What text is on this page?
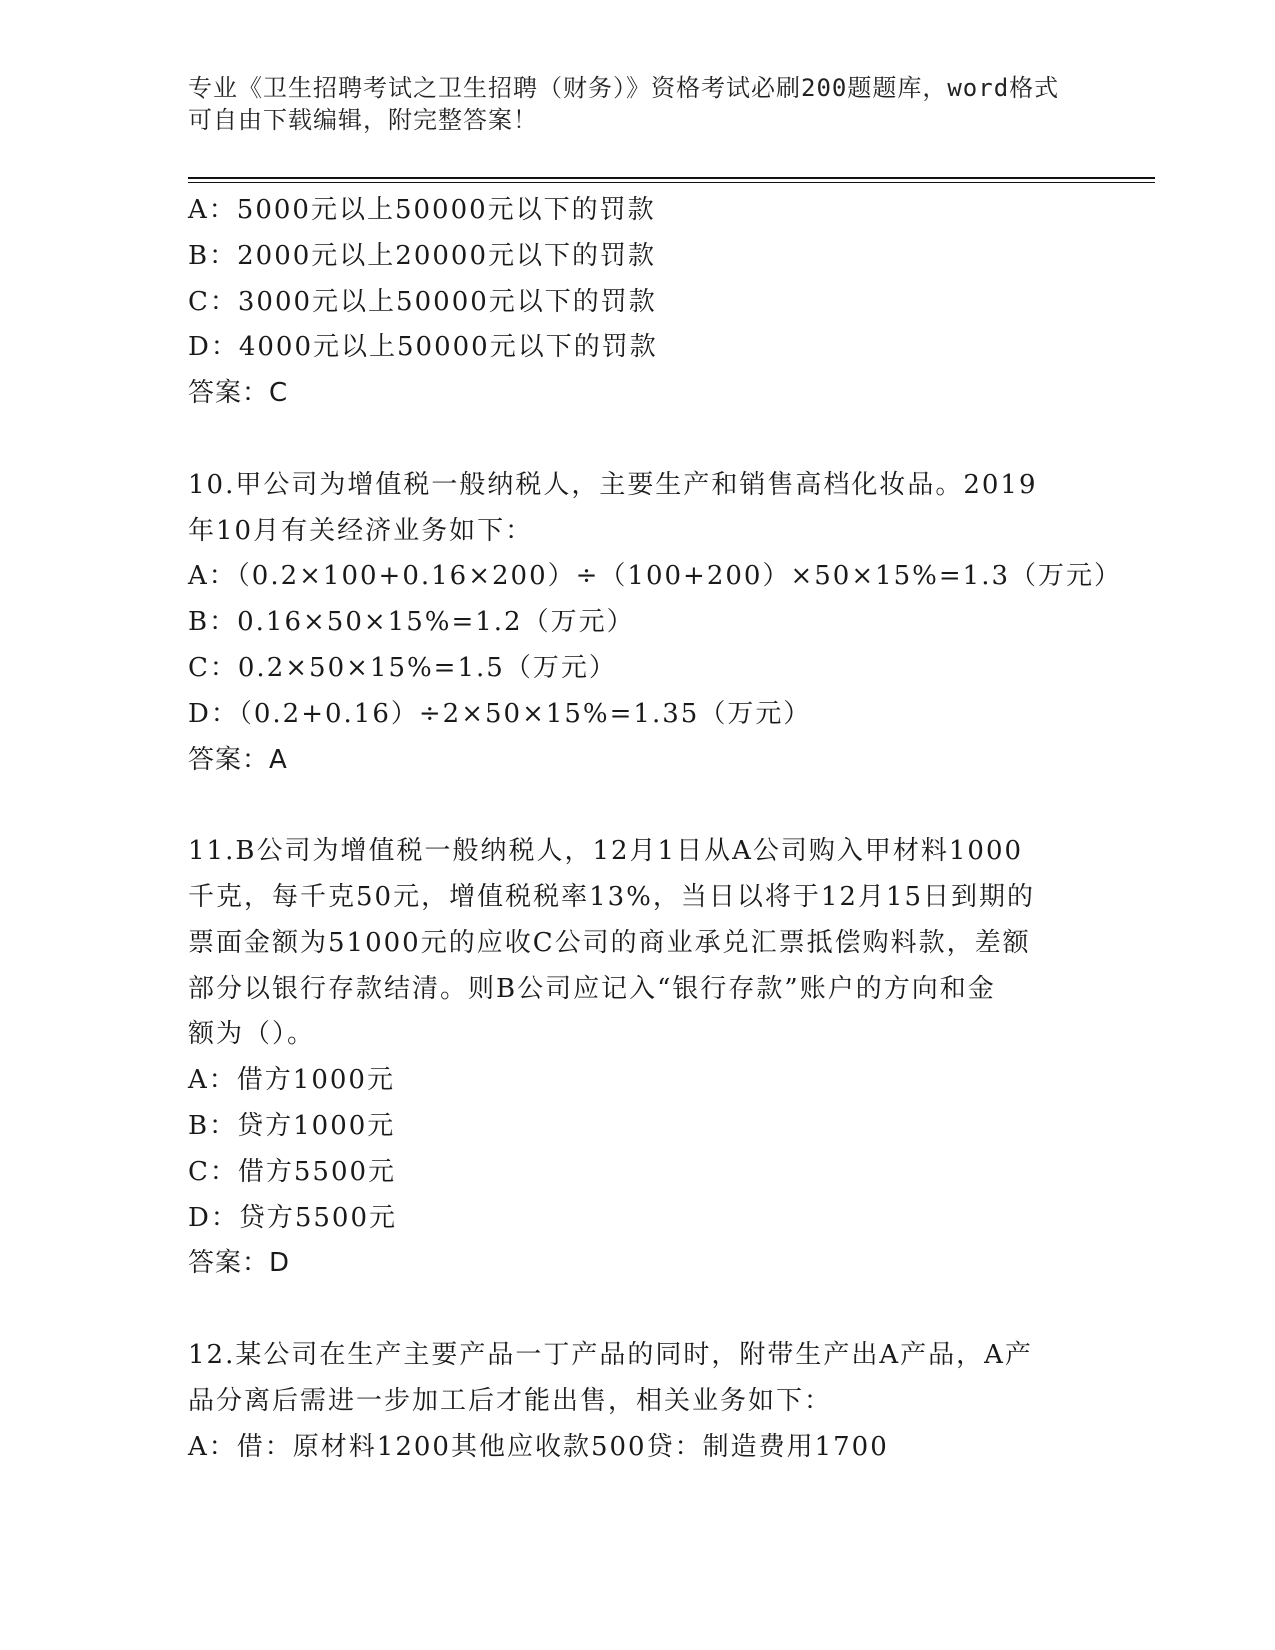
专业《卫生招聘考试之卫生招聘（财务）》资格考试必刷200题题库，word格式
可自由下载编辑，附完整答案！
A：5000元以上50000元以下的罚款
B：2000元以上20000元以下的罚款
C：3000元以上50000元以下的罚款
D：4000元以上50000元以下的罚款
答案：C
10.甲公司为增值税一般纳税人，主要生产和销售高档化妆品。2019
年10月有关经济业务如下：
A：（0.2×100+0.16×200）÷（100+200）×50×15%=1.3（万元）
B：0.16×50×15%=1.2（万元）
C：0.2×50×15%=1.5（万元）
D：（0.2+0.16）÷2×50×15%=1.35（万元）
答案：A
11.B公司为增值税一般纳税人，12月1日从A公司购入甲材料1000
千克，每千克50元，增值税税率13%，当日以将于12月15日到期的
票面金额为51000元的应收C公司的商业承兑汇票抵偿购料款，差额
部分以银行存款结清。则B公司应记入“银行存款”账户的方向和金
额为（）。
A：借方1000元
B：贷方1000元
C：借方5500元
D：贷方5500元
答案：D
12.某公司在生产主要产品一丁产品的同时，附带生产出A产品，A产
品分离后需进一步加工后才能出售，相关业务如下：
A：借：原材料1200其他应收款500贷：制造费用1700
